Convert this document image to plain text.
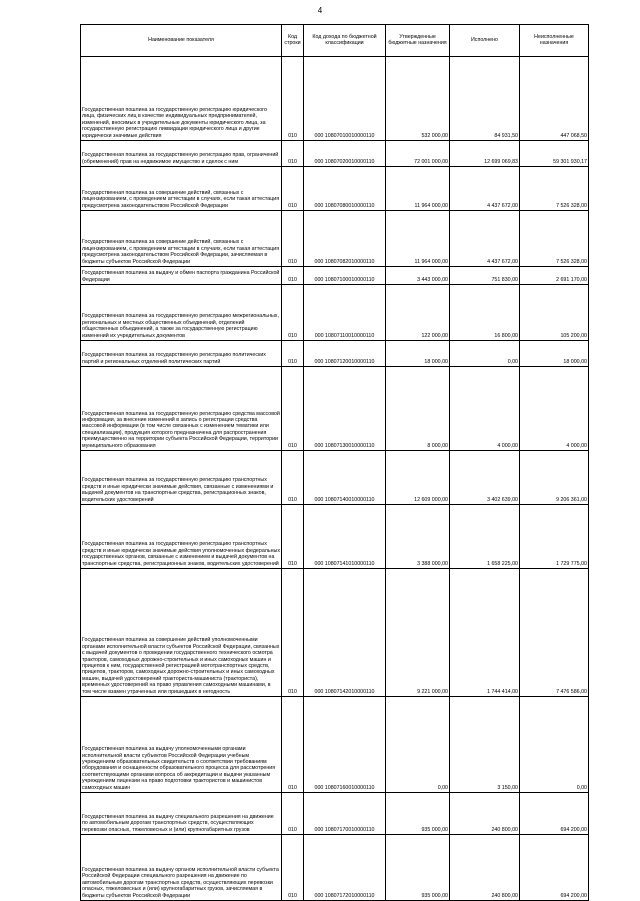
4
Наименование показателя	Код строки	Код дохода по бюджетной классификации	Утвержденные бюджетные назначения	Исполнено	Неисполненные назначения
Государственная пошлина за государственную регистрацию юридического лица, физических лиц в качестве индивидуальных предпринимателей, изменений, вносимых в учредительные документы юридического лица, за государственную регистрацию ликвидации юридического лица и другие юридически значимые действия	010	000 10807010010000110	532 000,00	84 931,50	447 068,50
Государственная пошлина за государственную регистрацию прав, ограничений (обременений) прав на недвижимое имущество и сделок с ним	010	000 10807020010000110	72 001 000,00	12 699 069,83	59 301 930,17
Государственная пошлина за совершение действий, связанных с лицензированием, с проведением аттестации в случаях, если такая аттестация предусмотрена законодательством Российской Федерации	010	000 10807080010000110	11 964 000,00	4 437 672,00	7 526 328,00
Государственная пошлина за совершение действий, связанных с лицензированием, с проведением аттестации в случаях, если такая аттестация предусмотрена законодательством Российской Федерации, зачисляемая в бюджеты субъектов Российской Федерации	010	000 10807082010000110	11 964 000,00	4 437 672,00	7 526 328,00
Государственная пошлина за выдачу и обмен паспорта гражданина Российской Федерации	010	000 10807100010000110	3 443 000,00	751 830,00	2 691 170,00
Государственная пошлина за государственную регистрацию межрегиональных, региональных и местных общественных объединений, отделений общественных объединений, а также за государственную регистрацию изменений их учредительных документов	010	000 10807110010000110	122 000,00	16 800,00	105 200,00
Государственная пошлина за государственную регистрацию политических партий и региональных отделений политических партий	010	000 10807120010000110	18 000,00	0,00	18 000,00
Государственная пошлина за государственную регистрацию средства массовой информации, за внесение изменений в запись о регистрации средства массовой информации (в том числе связанных с изменением тематики или специализации), продукция которого предназначена для распространения преимущественно на территории субъекта Российской Федерации, территории муниципального образования	010	000 10807130010000110	8 000,00	4 000,00	4 000,00
Государственная пошлина за государственную регистрацию транспортных средств и иные юридически значимые действия, связанные с изменениями и выдачей документов на транспортные средства, регистрационных знаков, водительских удостоверений	010	000 10807140010000110	12 609 000,00	3 402 639,00	9 206 361,00
Государственная пошлина за государственную регистрацию транспортных средств и иные юридически значимые действия уполномоченных федеральных государственных органов, связанные с изменением и выдачей документов на транспортные средства, регистрационных знаков, водительских удостоверений	010	000 10807141010000110	3 388 000,00	1 658 225,00	1 729 775,00
Государственная пошлина за совершение действий уполномоченными органами исполнительной власти субъектов Российской Федерации, связанных с выдачей документов о проведении государственного технического осмотра тракторов, самоходных дорожно-строительных и иных самоходных машин и прицепов к ним, государственной регистрацией мототранспортных средств, прицепов, тракторов, самоходных дорожно-строительных и иных самоходных машин, выдачей удостоверений тракториста-машиниста (тракториста), временных удостоверений на право управления самоходными машинами, в том числе взамен утраченных или пришедших в негодность	010	000 10807142010000110	9 221 000,00	1 744 414,00	7 476 586,00
Государственная пошлина за выдачу уполномоченными органами исполнительной власти субъектов Российской Федерации учебным учреждениям образовательных свидетельств о соответствии требованиям оборудования и оснащенности образовательного процесса для рассмотрения соответствующими органами вопроса об аккредитации и выдачи указанным учреждениям лицензии на право подготовки трактористов и машинистов самоходных машин	010	000 10807160010000110	0,00	3 150,00	0,00
Государственная пошлина за выдачу специального разрешения на движение по автомобильным дорогам транспортных средств, осуществляющих перевозки опасных, тяжеловесных и (или) крупногабаритных грузов	010	000 10807170010000110	935 000,00	240 800,00	694 200,00
Государственная пошлина за выдачу органом исполнительной власти субъекта Российской Федерации специального разрешения на движение по автомобильным дорогам транспортных средств, осуществляющих перевозки опасных, тяжеловесных и (или) крупногабаритных грузов, зачисляемая в бюджеты субъектов Российской Федерации	010	000 10807172010000110	935 000,00	240 800,00	694 200,00
